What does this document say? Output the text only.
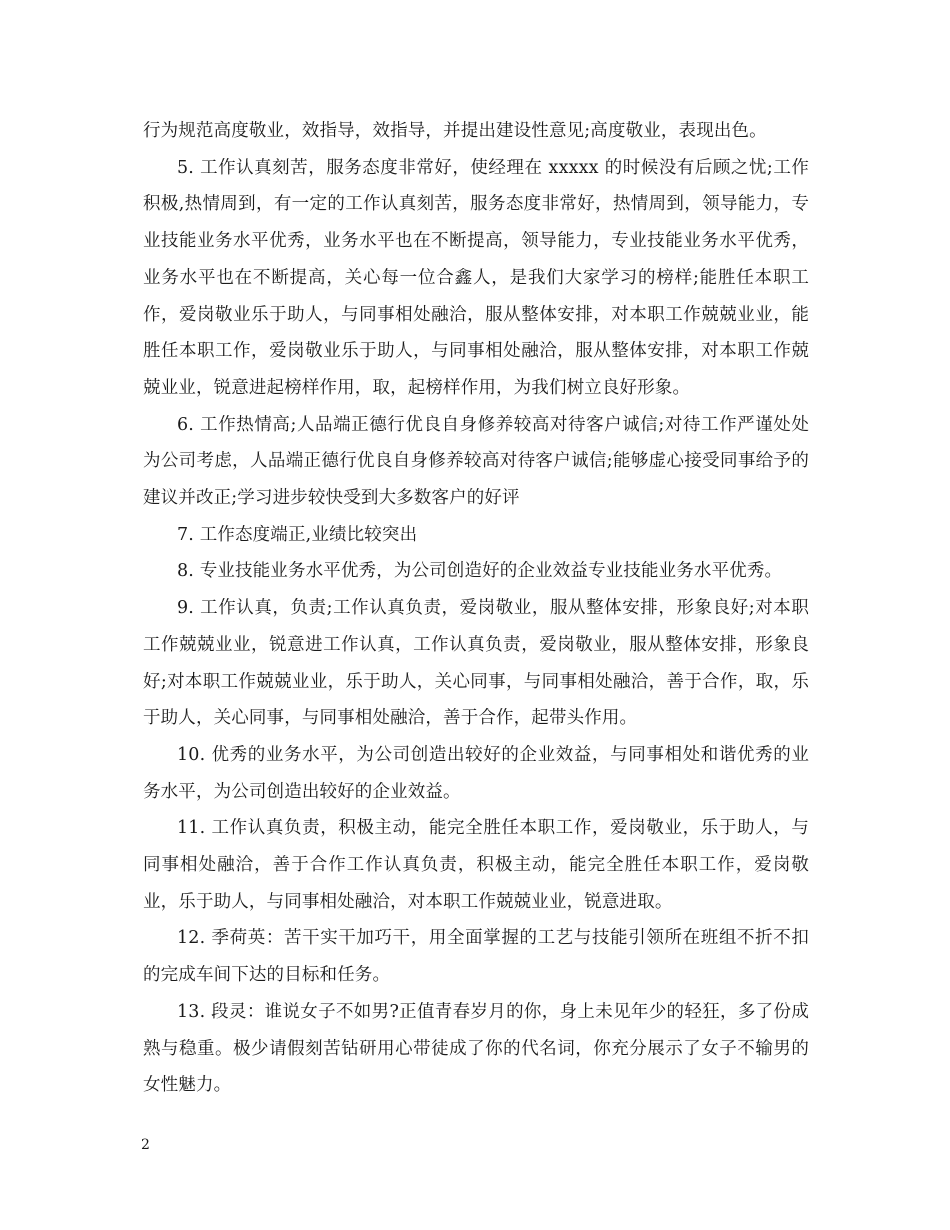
行为规范高度敬业，效指导，效指导，并提出建设性意见;高度敬业，表现出色。

5. 工作认真刻苦，服务态度非常好，使经理在 xxxxx 的时候没有后顾之忧;工作积极,热情周到，有一定的工作认真刻苦，服务态度非常好，热情周到，领导能力，专业技能业务水平优秀，业务水平也在不断提高，领导能力，专业技能业务水平优秀，业务水平也在不断提高，关心每一位合鑫人，是我们大家学习的榜样;能胜任本职工作，爱岗敬业乐于助人，与同事相处融洽，服从整体安排，对本职工作兢兢业业，能胜任本职工作，爱岗敬业乐于助人，与同事相处融洽，服从整体安排，对本职工作兢兢业业，锐意进起榜样作用，取，起榜样作用，为我们树立良好形象。

6. 工作热情高;人品端正德行优良自身修养较高对待客户诚信;对待工作严谨处处为公司考虑，人品端正德行优良自身修养较高对待客户诚信;能够虚心接受同事给予的建议并改正;学习进步较快受到大多数客户的好评

7. 工作态度端正,业绩比较突出

8. 专业技能业务水平优秀，为公司创造好的企业效益专业技能业务水平优秀。

9. 工作认真，负责;工作认真负责，爱岗敬业，服从整体安排，形象良好;对本职工作兢兢业业，锐意进工作认真，工作认真负责，爱岗敬业，服从整体安排，形象良好;对本职工作兢兢业业，乐于助人，关心同事，与同事相处融洽，善于合作，取，乐于助人，关心同事，与同事相处融洽，善于合作，起带头作用。

10. 优秀的业务水平，为公司创造出较好的企业效益，与同事相处和谐优秀的业务水平，为公司创造出较好的企业效益。

11. 工作认真负责，积极主动，能完全胜任本职工作，爱岗敬业，乐于助人，与同事相处融洽，善于合作工作认真负责，积极主动，能完全胜任本职工作，爱岗敬业，乐于助人，与同事相处融洽，对本职工作兢兢业业，锐意进取。

12. 季荷英：苦干实干加巧干，用全面掌握的工艺与技能引领所在班组不折不扣的完成车间下达的目标和任务。

13. 段灵：谁说女子不如男?正值青春岁月的你，身上未见年少的轻狂，多了份成熟与稳重。极少请假刻苦钻研用心带徒成了你的代名词，你充分展示了女子不输男的女性魅力。

2
